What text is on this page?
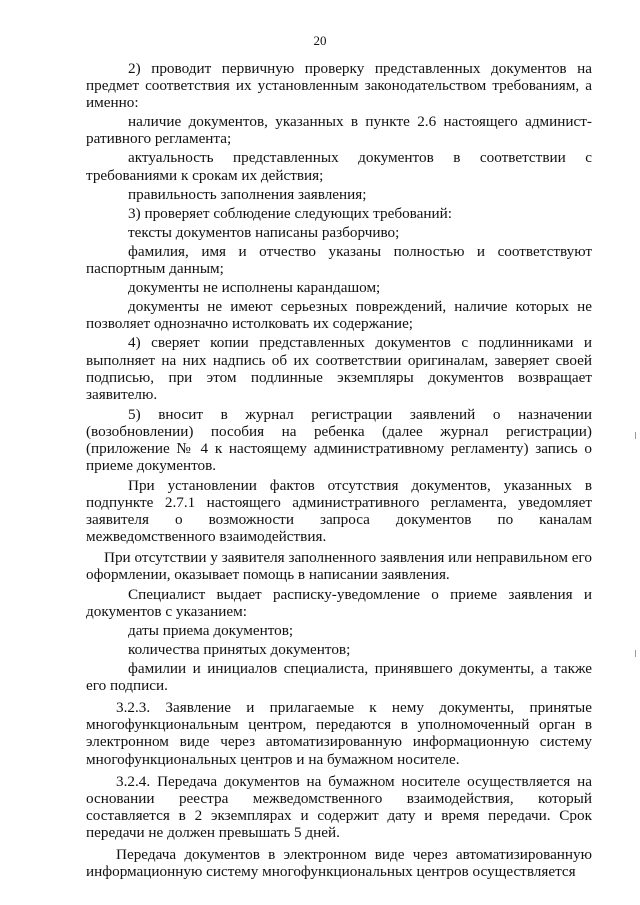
20

2) проводит первичную проверку представленных документов на предмет соответствия их установленным законодательством требованиям, а именно:

наличие документов, указанных в пункте 2.6 настоящего админист-ративного регламента;

актуальность представленных документов в соответствии с требованиями к срокам их действия;

правильность заполнения заявления;

3) проверяет соблюдение следующих требований:

тексты документов написаны разборчиво;

фамилия, имя и отчество указаны полностью и соответствуют паспортным данным;

документы не исполнены карандашом;

документы не имеют серьезных повреждений, наличие которых не позволяет однозначно истолковать их содержание;

4) сверяет копии представленных документов с подлинниками и выполняет на них надпись об их соответствии оригиналам, заверяет своей подписью, при этом подлинные экземпляры документов возвращает заявителю.

5) вносит в журнал регистрации заявлений о назначении (возобновлении) пособия на ребенка (далее журнал регистрации) (приложение № 4 к настоящему административному регламенту) запись о приеме документов.

При установлении фактов отсутствия документов, указанных в подпункте 2.7.1 настоящего административного регламента, уведомляет заявителя о возможности запроса документов по каналам межведомственного взаимодействия.

При отсутствии у заявителя заполненного заявления или неправильном его оформлении, оказывает помощь в написании заявления.

Специалист выдает расписку-уведомление о приеме заявления и документов с указанием:

даты приема документов;

количества принятых документов;

фамилии и инициалов специалиста, принявшего документы, а также его подписи.

3.2.3. Заявление и прилагаемые к нему документы, принятые многофункциональным центром, передаются в уполномоченный орган в электронном виде через автоматизированную информационную систему многофункциональных центров и на бумажном носителе.

3.2.4. Передача документов на бумажном носителе осуществляется на основании реестра межведомственного взаимодействия, который составляется в 2 экземплярах и содержит дату и время передачи. Срок передачи не должен превышать 5 дней.

Передача документов в электронном виде через автоматизированную информационную систему многофункциональных центров осуществляется
